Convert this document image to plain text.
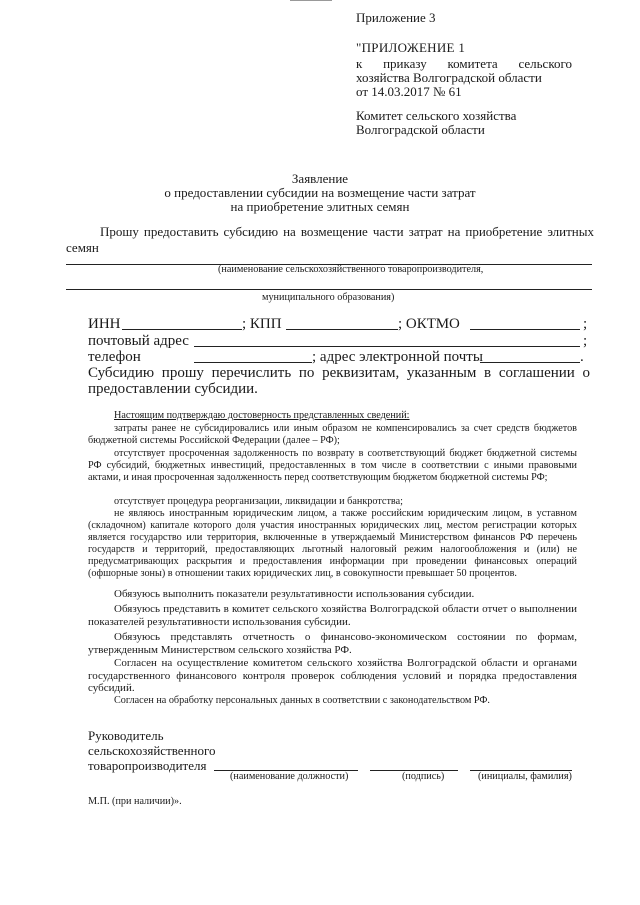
Приложение 3
"ПРИЛОЖЕНИЕ 1
к приказу комитета сельского
хозяйства Волгоградской области
от 14.03.2017 № 61
Комитет сельского хозяйства
Волгоградской области
Заявление
о предоставлении субсидии на возмещение части затрат
на приобретение элитных семян
Прошу предоставить субсидию на возмещение части затрат на приобретение элитных
семян
(наименование сельскохозяйственного товаропроизводителя,
муниципального образования)
ИНН	; КПП	; ОКТМО	;
почтовый адрес	;
телефон	; адрес электронной почты	.
Субсидию прошу перечислить по реквизитам, указанным в соглашении о
предоставлении субсидии.
Настоящим подтверждаю достоверность представленных сведений:
затраты ранее не субсидировались или иным образом не компенсировались за счет средств бюджетов бюджетной системы Российской Федерации (далее – РФ);
отсутствует просроченная задолженность по возврату в соответствующий бюджет бюджетной системы РФ субсидий, бюджетных инвестиций, предоставленных в том числе в соответствии с иными правовыми актами, и иная просроченная задолженность перед соответствующим бюджетом бюджетной системы РФ;
отсутствует процедура реорганизации, ликвидации и банкротства;
не являюсь иностранным юридическим лицом, а также российским юридическим лицом, в уставном (складочном) капитале которого доля участия иностранных юридических лиц, местом регистрации которых является государство или территория, включенные в утверждаемый Министерством финансов РФ перечень государств и территорий, предоставляющих льготный налоговый режим налогообложения и (или) не предусматривающих раскрытия и предоставления информации при проведении финансовых операций (офшорные зоны) в отношении таких юридических лиц, в совокупности превышает 50 процентов.
Обязуюсь выполнить показатели результативности использования субсидии.
Обязуюсь представить в комитет сельского хозяйства Волгоградской области отчет о выполнении показателей результативности использования субсидии.
Обязуюсь представлять отчетность о финансово-экономическом состоянии по формам, утвержденным Министерством сельского хозяйства РФ.
Согласен на осуществление комитетом сельского хозяйства Волгоградской области и органами государственного финансового контроля проверок соблюдения условий и порядка предоставления субсидий.
Согласен на обработку персональных данных в соответствии с законодательством РФ.
Руководитель
сельскохозяйственного
товаропроизводителя
(наименование должности)	(подпись)	(инициалы, фамилия)
М.П. (при наличии)».
